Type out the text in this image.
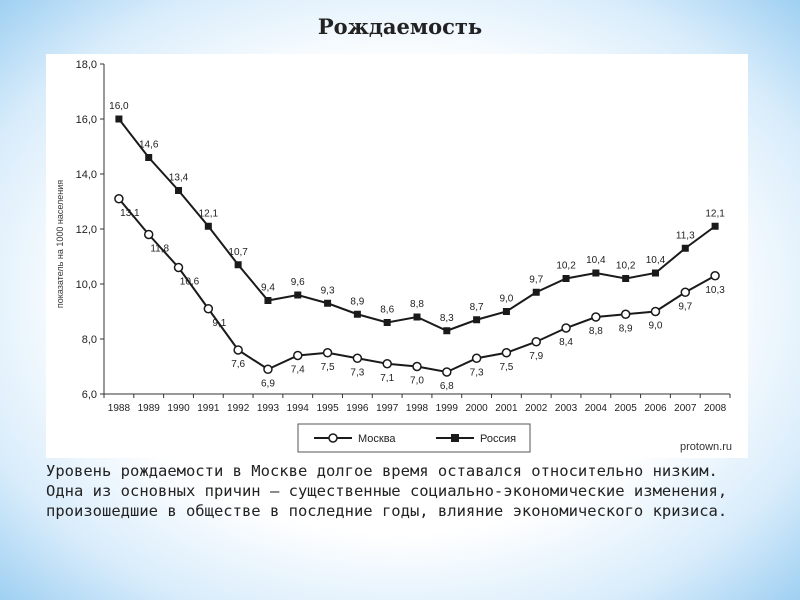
Рождаемость
6,0
8,0
10,0
12,0
14,0
16,0
18,0
1988 1989 1990 1991 1992 1993 1994 1995 1996 1997 1998 1999 2000 2001 2002 2003 2004 2005 2006 2007 2008
показатель на 1000 населения	13,1
11,8
10,6
9,1
7,6
6,9
7,4 7,5 7,3 7,1 7,0 6,8
7,3 7,5
7,9
8,4
8,8 8,9 9,0
9,7
10,3
16,0
14,6
13,4
12,1
10,7
9,4 9,6
9,3
8,9
8,6 8,8
8,3
8,7
9,0
9,7
10,2 10,4 10,2 10,4
11,3
12,1
Москва	Россия
protown.ru

Уровень рождаемости в Москве долгое время оставался относительно низким. Одна из основных причин — существенные социально-экономические изменения, произошедшие в обществе в последние годы, влияние экономического кризиса.
